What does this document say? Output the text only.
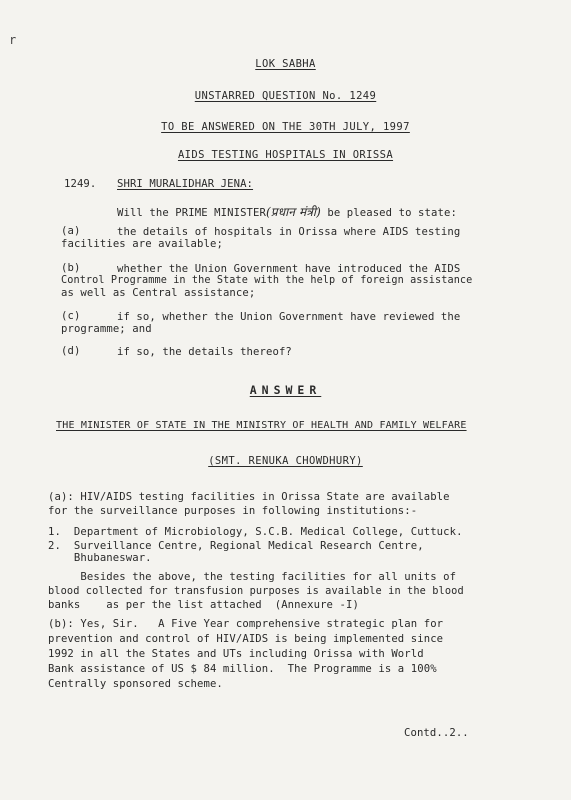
r
LOK SABHA
UNSTARRED QUESTION No. 1249
TO BE ANSWERED ON THE 30TH JULY, 1997
AIDS TESTING HOSPITALS IN ORISSA
1249. SHRI MURALIDHAR JENA:
Will the PRIME MINISTER(प्रधान मंत्री) be pleased to state:
(a)	the details of hospitals in Orissa where AIDS testing
facilities are available;
(b)	whether the Union Government have introduced the AIDS
Control Programme in the State with the help of foreign assistance
as well as Central assistance;
(c)	if so, whether the Union Government have reviewed the
programme; and
(d)	if so, the details thereof?
ANSWER
THE MINISTER OF STATE IN THE MINISTRY OF HEALTH AND FAMILY WELFARE
(SMT. RENUKA CHOWDHURY)
(a): HIV/AIDS testing facilities in Orissa State are available
for the surveillance purposes in following institutions:-
1.  Department of Microbiology, S.C.B. Medical College, Cuttuck.
2.  Surveillance Centre, Regional Medical Research Centre,
Bhubaneswar.
Besides the above, the testing facilities for all units of
blood collected for transfusion purposes is available in the blood
banks    as per the list attached  (Annexure -I)
(b): Yes, Sir.   A Five Year comprehensive strategic plan for
prevention and control of HIV/AIDS is being implemented since
1992 in all the States and UTs including Orissa with World
Bank assistance of US $ 84 million.  The Programme is a 100%
Centrally sponsored scheme.
Contd..2..
